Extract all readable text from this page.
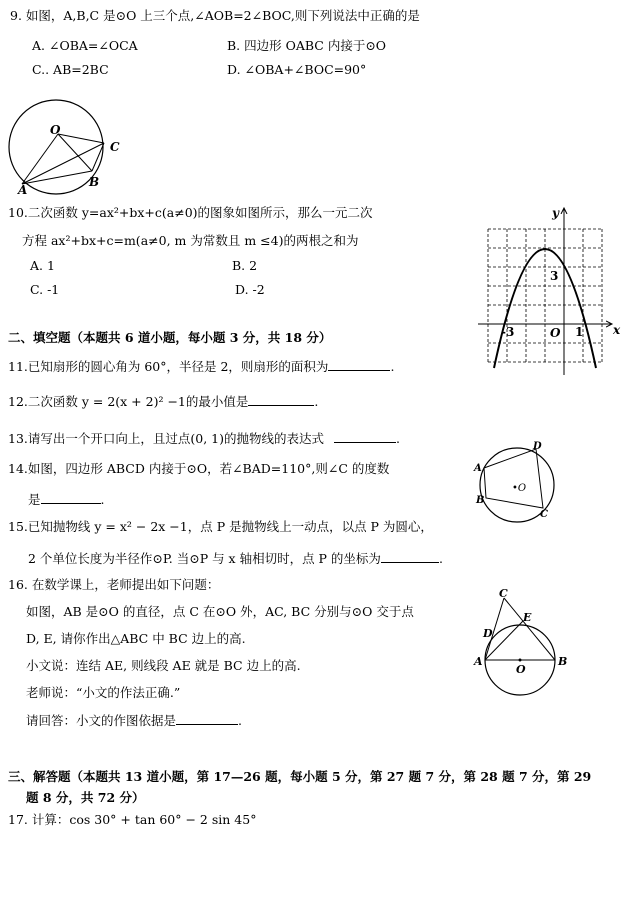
9. 如图，A,B,C 是⊙O 上三个点,∠AOB=2∠BOC,则下列说法中正确的是
A. ∠OBA=∠OCA	B. 四边形 OABC 内接于⊙O
C.. AB=2BC	D. ∠OBA+∠BOC=90°
O
C
B
A
10.二次函数 y=ax²+bx+c(a≠0)的图象如图所示，那么一元二次
方程 ax²+bx+c=m(a≠0, m 为常数且 m ≤4)的两根之和为
A. 1	B. 2
C. -1	D. -2
y
x
3
-3	O 1
二、填空题（本题共 6 道小题，每小题 3 分，共 18 分）
11.已知扇形的圆心角为 60°，半径是 2，则扇形的面积为	.
12.二次函数 y = 2(x + 2)² −1的最小值是	.
13.请写出一个开口向上，且过点(0, 1)的抛物线的表达式	.
14.如图，四边形 ABCD 内接于⊙O，若∠BAD=110°,则∠C 的度数
是	.
A
B
C
D
•O
15.已知抛物线 y = x² − 2x −1，点 P 是抛物线上一动点，以点 P 为圆心，
2 个单位长度为半径作⊙P. 当⊙P 与 x 轴相切时，点 P 的坐标为	.
16. 在数学课上，老师提出如下问题：
如图，AB 是⊙O 的直径，点 C 在⊙O 外，AC, BC 分别与⊙O 交于点
D, E, 请你作出△ABC 中 BC 边上的高.
小文说：连结 AE, 则线段 AE 就是 BC 边上的高.
老师说：“小文的作法正确.”
请回答：小文的作图依据是	.
C
E
D
A	B
O
三、解答题（本题共 13 道小题，第 17—26 题，每小题 5 分，第 27 题 7 分，第 28 题 7 分，第 29
题 8 分，共 72 分）
17. 计算：cos 30° + tan 60° − 2 sin 45°
